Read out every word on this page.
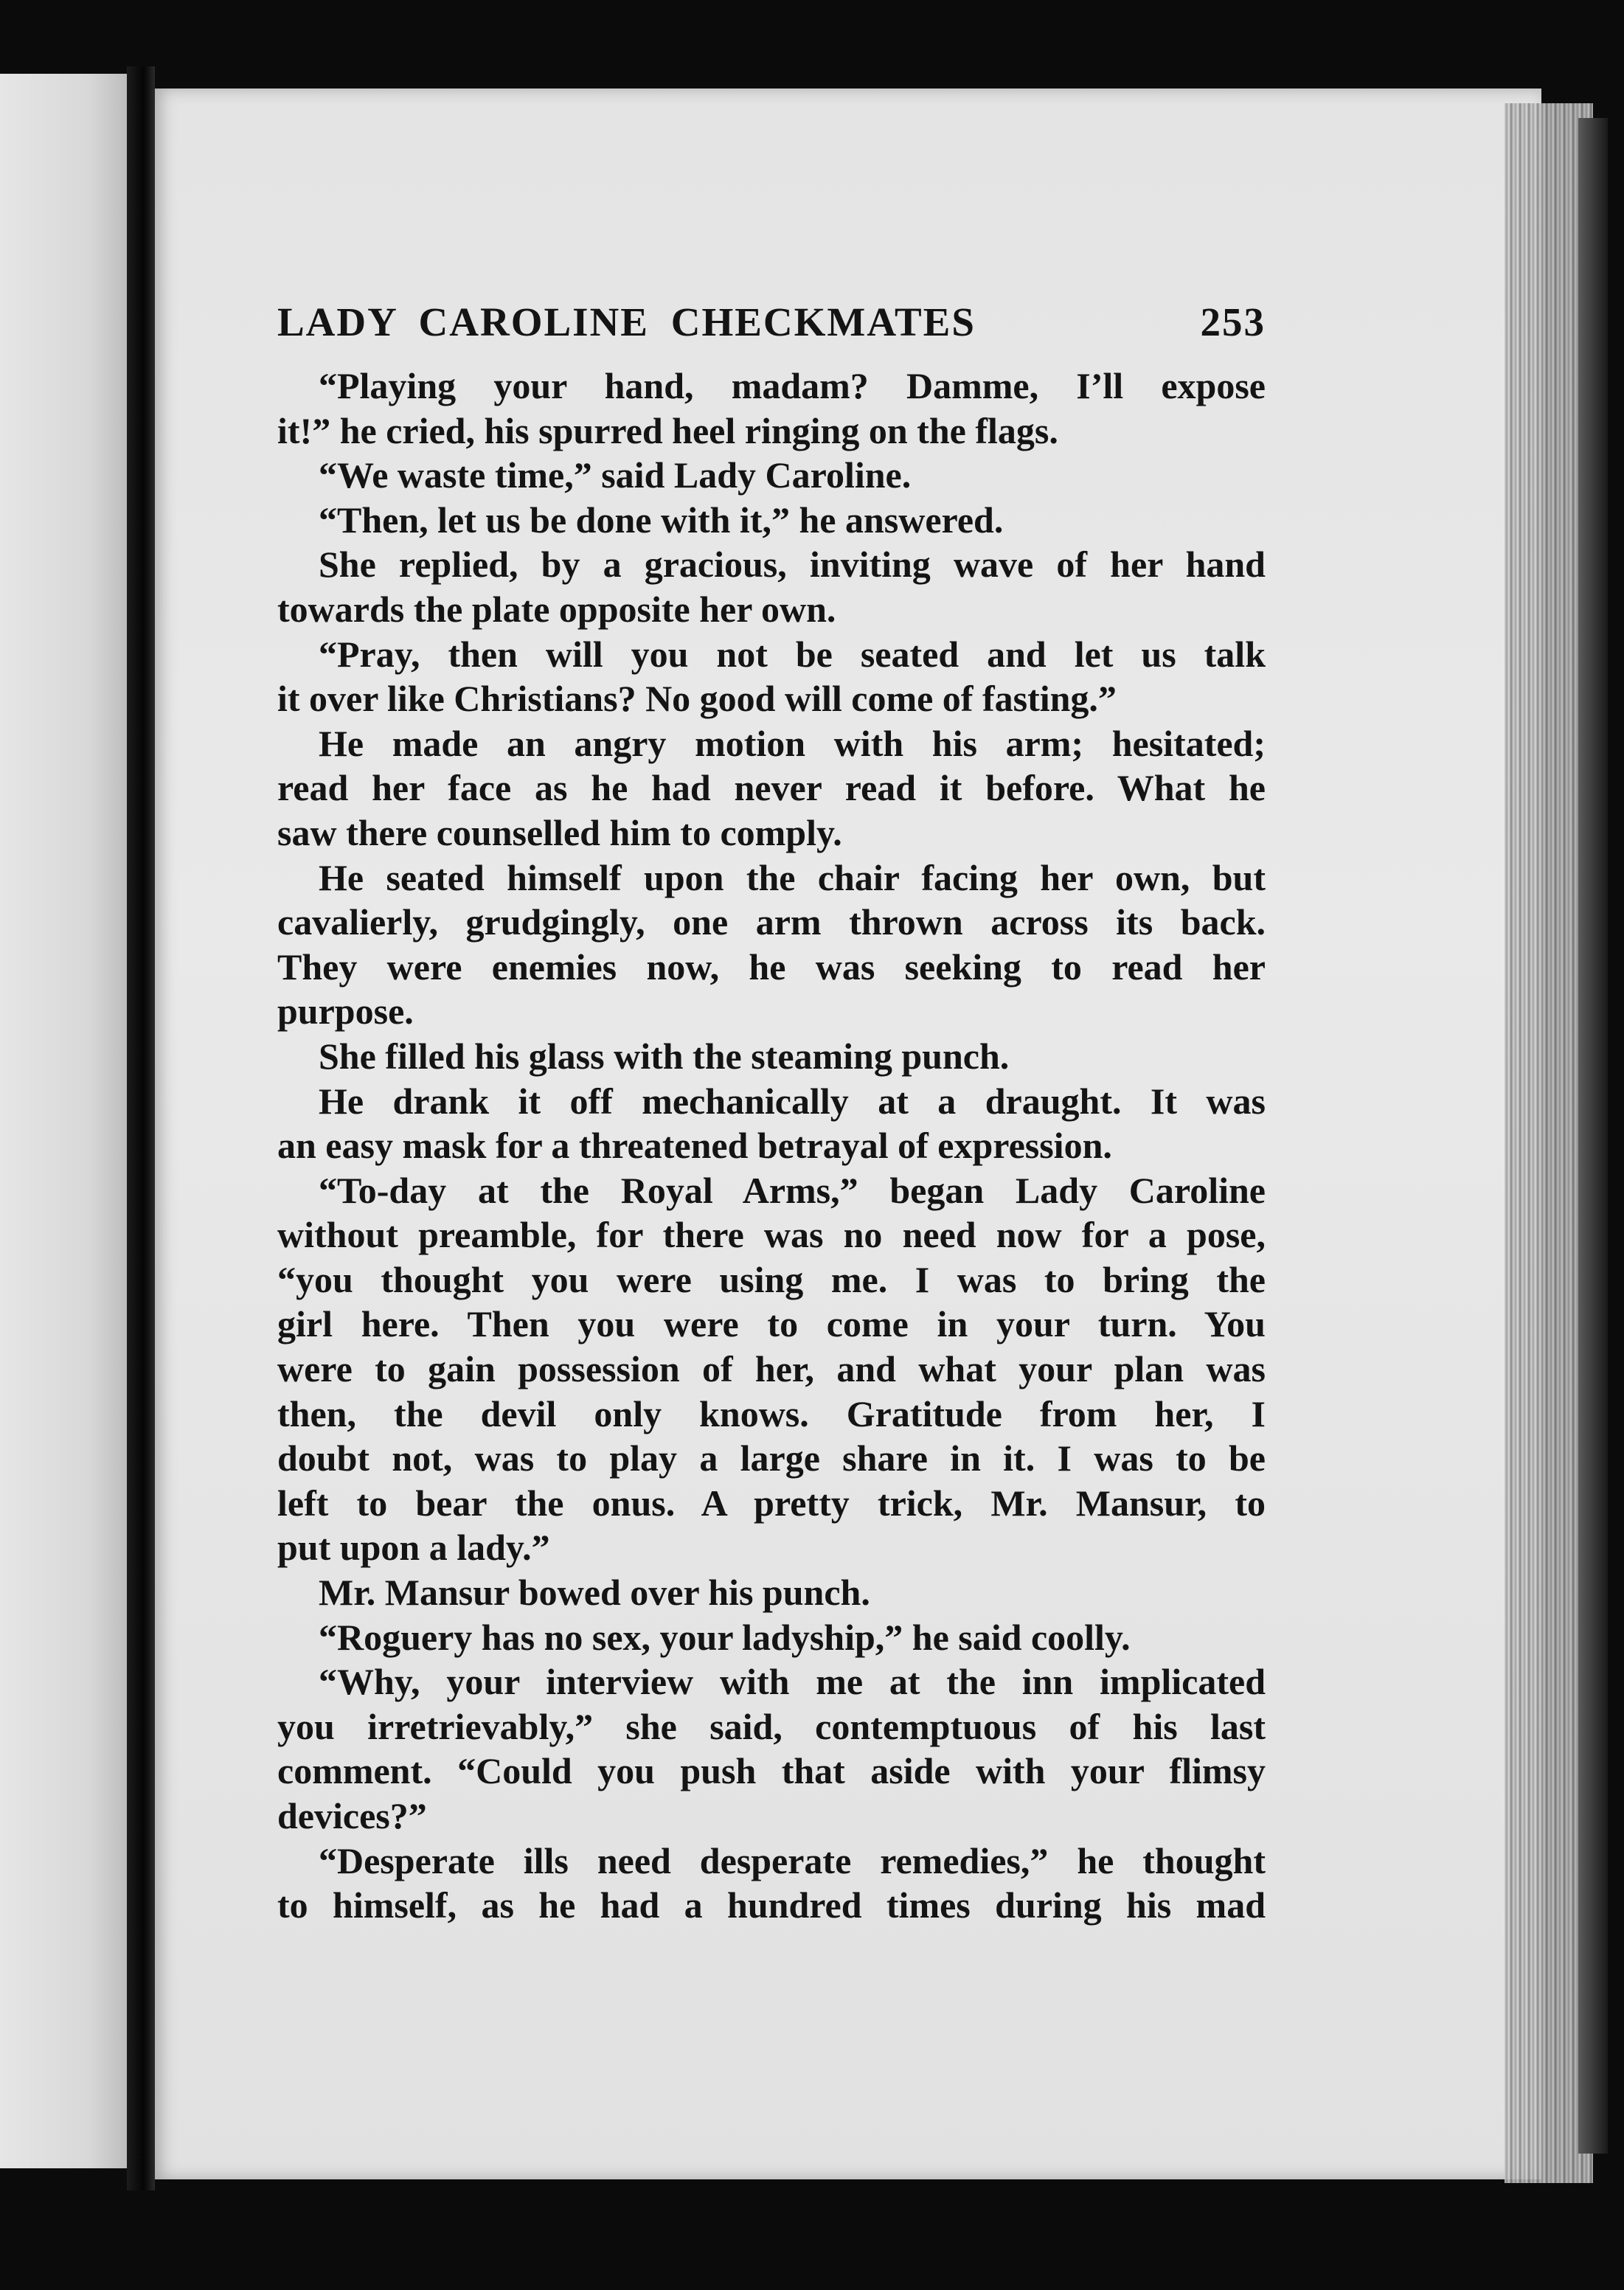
LADY CAROLINE CHECKMATES	253
“Playing your hand, madam? Damme, I’ll expose
it!” he cried, his spurred heel ringing on the flags.
“We waste time,” said Lady Caroline.
“Then, let us be done with it,” he answered.
She replied, by a gracious, inviting wave of her hand
towards the plate opposite her own.
“Pray, then will you not be seated and let us talk
it over like Christians? No good will come of fasting.”
He made an angry motion with his arm; hesitated;
read her face as he had never read it before. What he
saw there counselled him to comply.
He seated himself upon the chair facing her own, but
cavalierly, grudgingly, one arm thrown across its back.
They were enemies now, he was seeking to read her
purpose.
She filled his glass with the steaming punch.
He drank it off mechanically at a draught. It was
an easy mask for a threatened betrayal of expression.
“To-day at the Royal Arms,” began Lady Caroline
without preamble, for there was no need now for a pose,
“you thought you were using me. I was to bring the
girl here. Then you were to come in your turn. You
were to gain possession of her, and what your plan was
then, the devil only knows. Gratitude from her, I
doubt not, was to play a large share in it. I was to be
left to bear the onus. A pretty trick, Mr. Mansur, to
put upon a lady.”
Mr. Mansur bowed over his punch.
“Roguery has no sex, your ladyship,” he said coolly.
“Why, your interview with me at the inn implicated
you irretrievably,” she said, contemptuous of his last
comment. “Could you push that aside with your flimsy
devices?”
“Desperate ills need desperate remedies,” he thought
to himself, as he had a hundred times during his mad
